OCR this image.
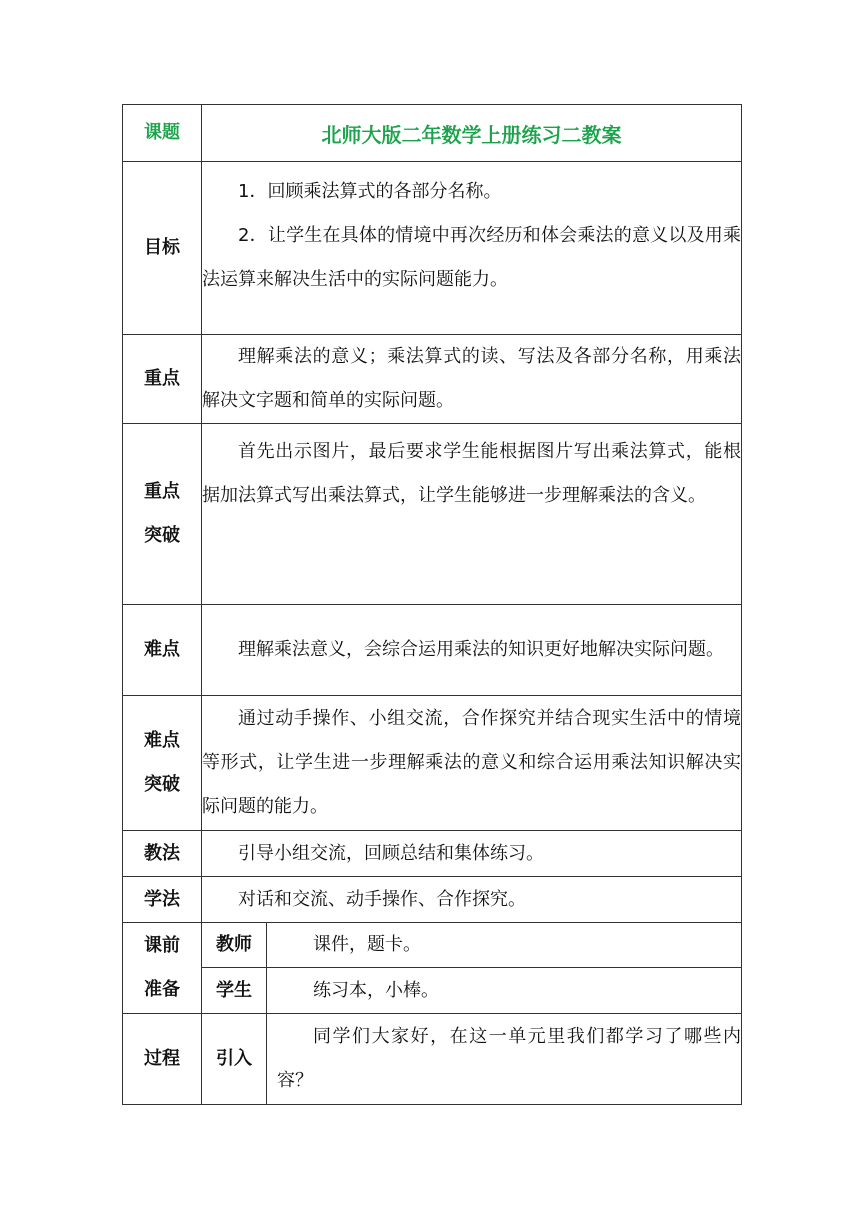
课题	北师大版二年数学上册练习二教案	
目标	1．回顾乘法算式的各部分名称。

2．让学生在具体的情境中再次经历和体会乘法的意义以及用乘法运算来解决生活中的实际问题能力。	

重点	理解乘法的意义；乘法算式的读、写法及各部分名称，用乘法解决文字题和简单的实际问题。	

重点
突破	首先出示图片，最后要求学生能根据图片写出乘法算式，能根据加法算式写出乘法算式，让学生能够进一步理解乘法的含义。	

难点	理解乘法意义，会综合运用乘法的知识更好地解决实际问题。	

难点
突破	通过动手操作、小组交流，合作探究并结合现实生活中的情境等形式，让学生进一步理解乘法的意义和综合运用乘法知识解决实际问题的能力。	

教法	引导小组交流，回顾总结和集体练习。	

学法	对话和交流、动手操作、合作探究。	

课前
准备	教师	课件，题卡。

	学生	练习本，小棒。

过程	引入	同学们大家好，在这一单元里我们都学习了哪些内容？
